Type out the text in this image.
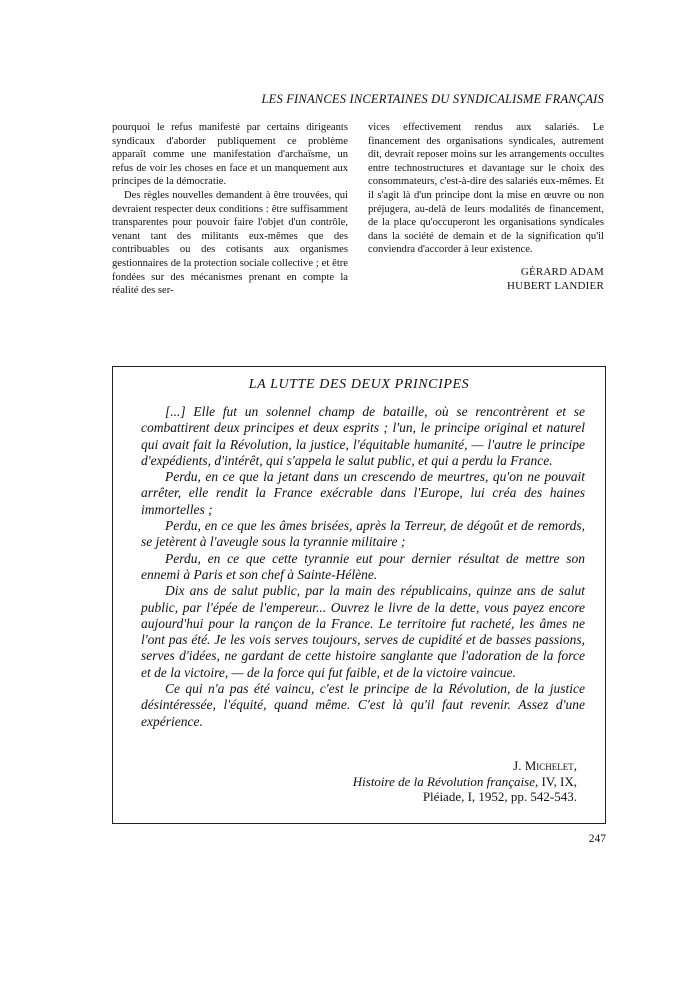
LES FINANCES INCERTAINES DU SYNDICALISME FRANÇAIS

pourquoi le refus manifesté par certains dirigeants syndicaux d'aborder publiquement ce problème apparaît comme une manifestation d'archaïsme, un refus de voir les choses en face et un manquement aux principes de la démocratie.

Des règles nouvelles demandent à être trouvées, qui devraient respecter deux conditions : être suffisamment transparentes pour pouvoir faire l'objet d'un contrôle, venant tant des militants eux-mêmes que des contribuables ou des cotisants aux organismes gestionnaires de la protection sociale collective ; et être fondées sur des mécanismes prenant en compte la réalité des ser-

vices effectivement rendus aux salariés. Le financement des organisations syndicales, autrement dit, devrait reposer moins sur les arrangements occultes entre technostructures et davantage sur le choix des consommateurs, c'est-à-dire des salariés eux-mêmes. Et il s'agit là d'un principe dont la mise en œuvre ou non préjugera, au-delà de leurs modalités de financement, de la place qu'occuperont les organisations syndicales dans la société de demain et de la signification qu'il conviendra d'accorder à leur existence.

GÉRARD ADAM
HUBERT LANDIER
LA LUTTE DES DEUX PRINCIPES

[...] Elle fut un solennel champ de bataille, où se rencontrèrent et se combattirent deux principes et deux esprits ; l'un, le principe original et naturel qui avait fait la Révolution, la justice, l'équitable humanité, — l'autre le principe d'expédients, d'intérêt, qui s'appela le salut public, et qui a perdu la France.

Perdu, en ce que la jetant dans un crescendo de meurtres, qu'on ne pouvait arrêter, elle rendit la France exécrable dans l'Europe, lui créa des haines immortelles ;

Perdu, en ce que les âmes brisées, après la Terreur, de dégoût et de remords, se jetèrent à l'aveugle sous la tyrannie militaire ;

Perdu, en ce que cette tyrannie eut pour dernier résultat de mettre son ennemi à Paris et son chef à Sainte-Hélène.

Dix ans de salut public, par la main des républicains, quinze ans de salut public, par l'épée de l'empereur... Ouvrez le livre de la dette, vous payez encore aujourd'hui pour la rançon de la France. Le territoire fut racheté, les âmes ne l'ont pas été. Je les vois serves toujours, serves de cupidité et de basses passions, serves d'idées, ne gardant de cette histoire sanglante que l'adoration de la force et de la victoire, — de la force qui fut faible, et de la victoire vaincue.

Ce qui n'a pas été vaincu, c'est le principe de la Révolution, de la justice désintéressée, l'équité, quand même. C'est là qu'il faut revenir. Assez d'une expérience.

J. Michelet,
Histoire de la Révolution française, IV, IX,
Pléiade, I, 1952, pp. 542-543.
247
